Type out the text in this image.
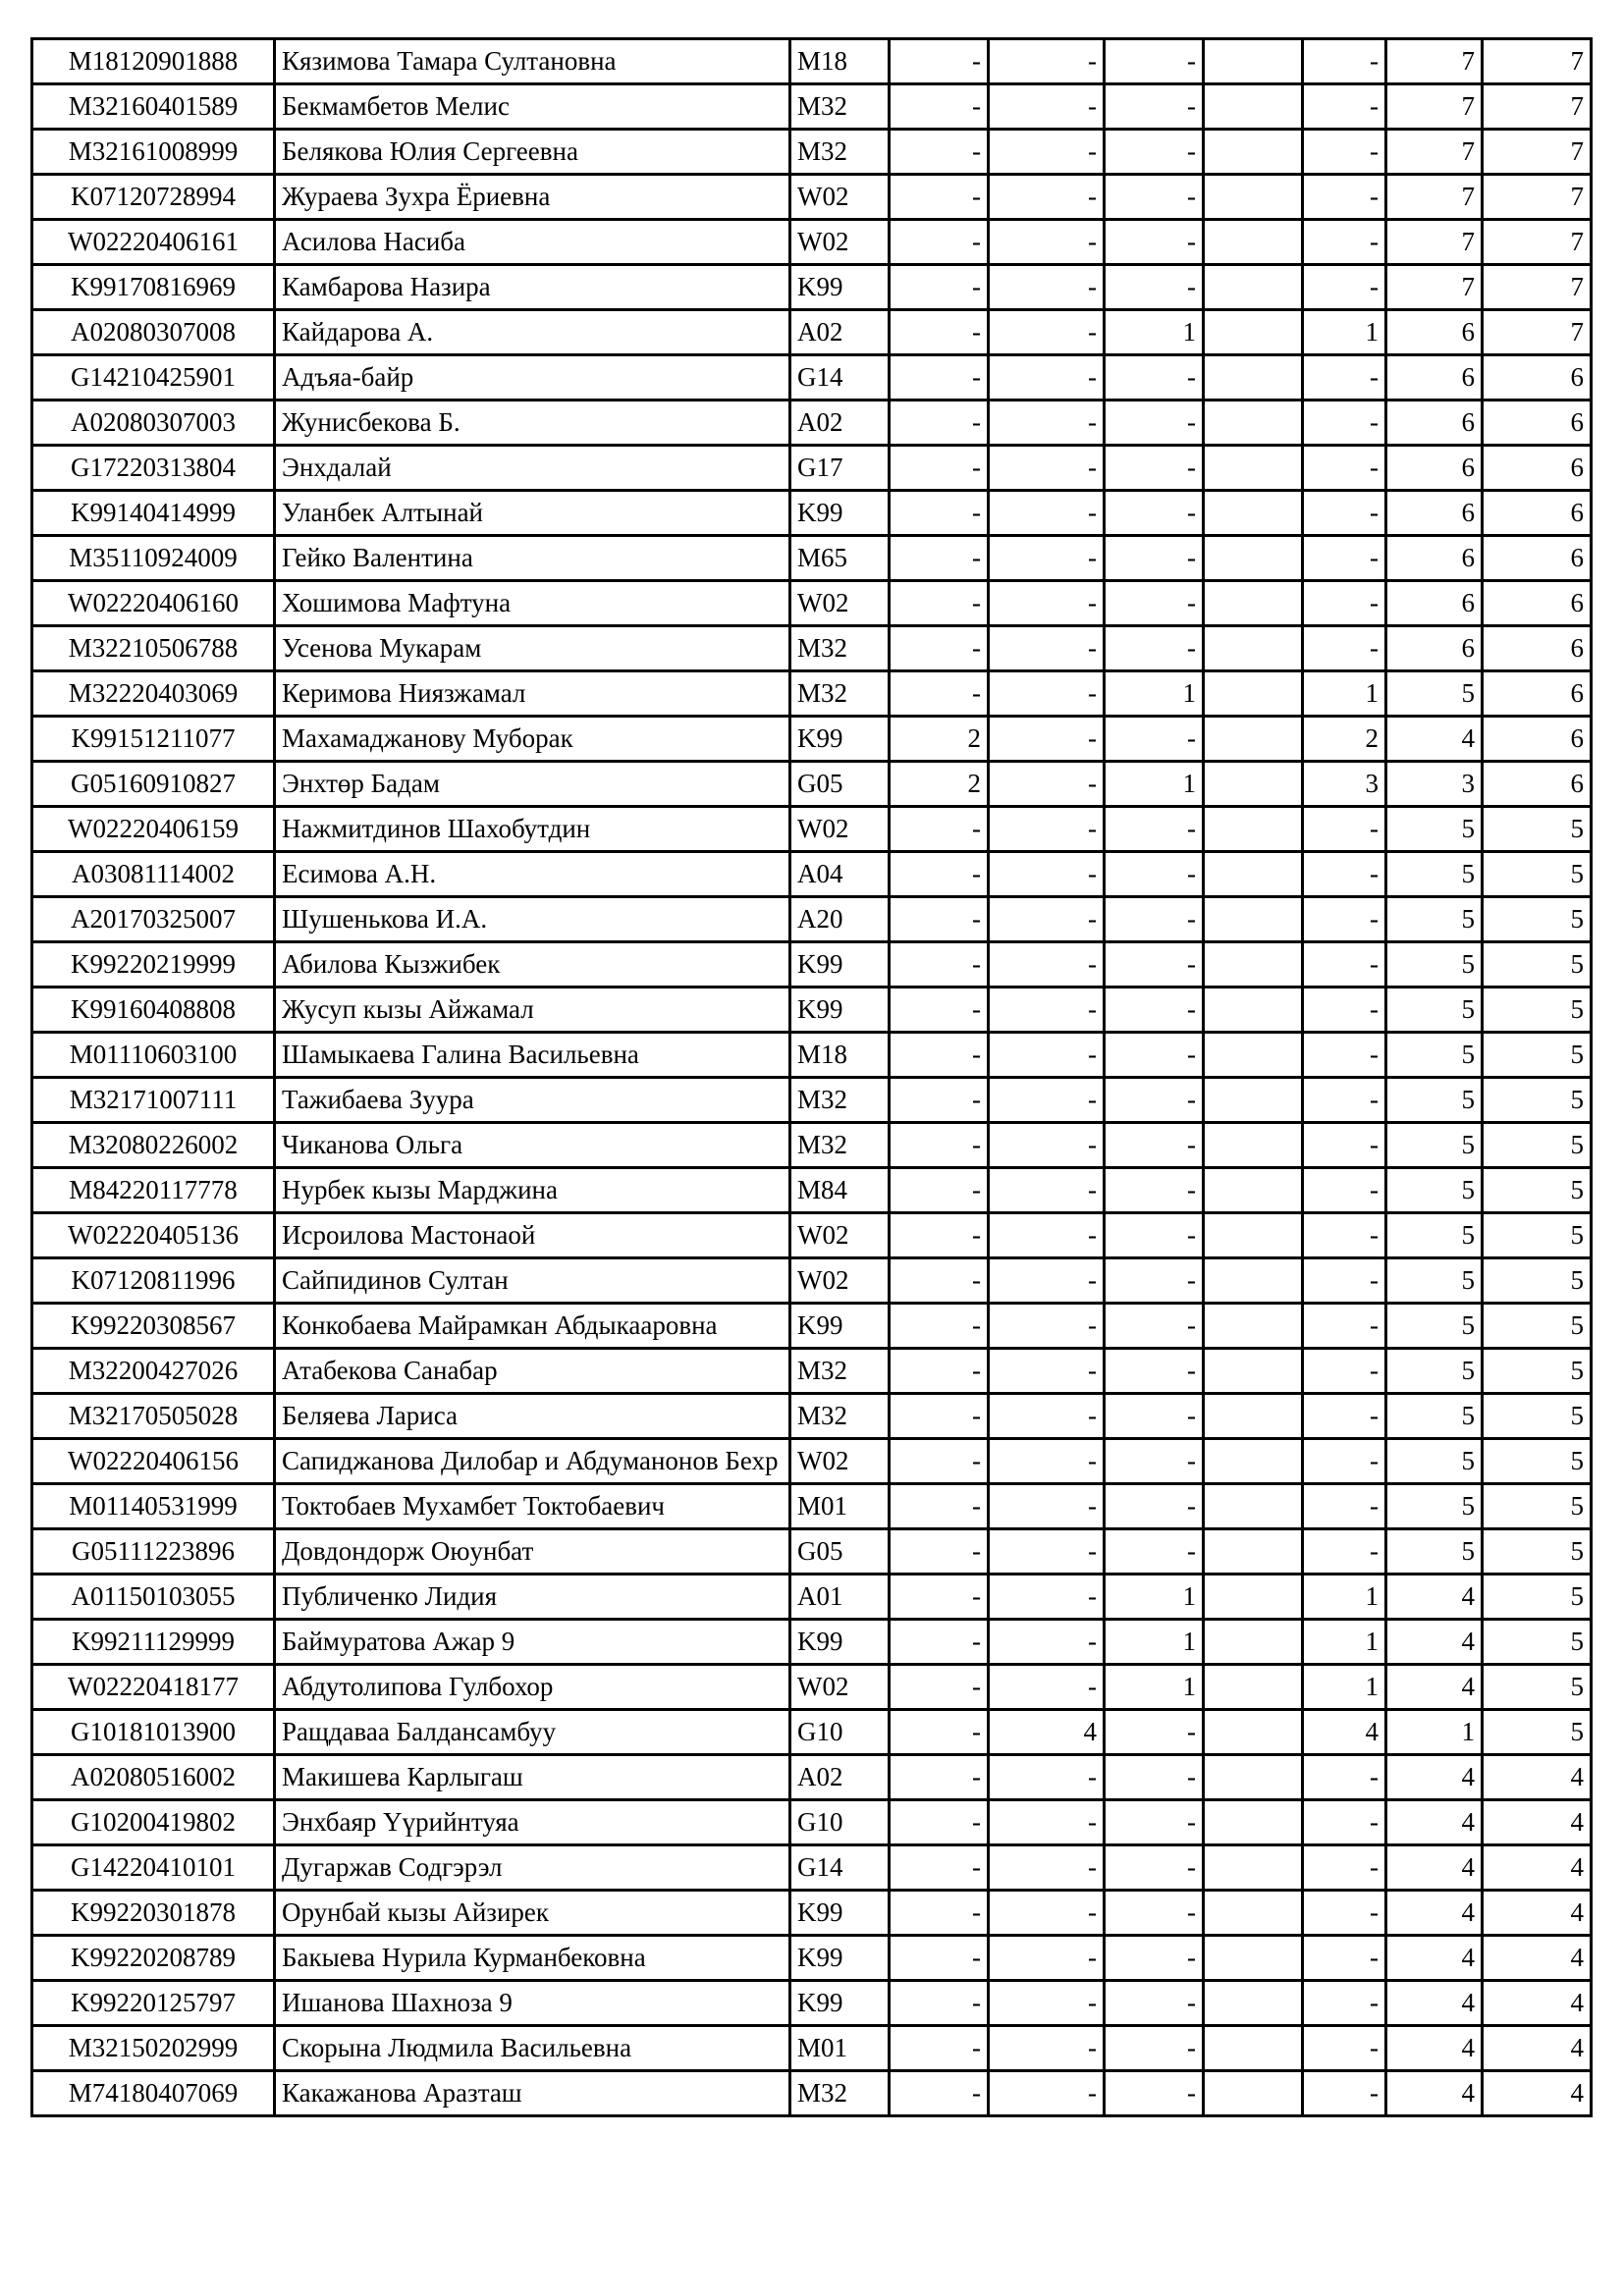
M18120901888	Кязимова Тамара Султановна	M18	-	-	-		-	7	7
M32160401589	Бекмамбетов Мелис	M32	-	-	-		-	7	7
M32161008999	Белякова Юлия Сергеевна	M32	-	-	-		-	7	7
K07120728994	Жураева Зухра Ёриевна	W02	-	-	-		-	7	7
W02220406161	Асилова Насиба	W02	-	-	-		-	7	7
K99170816969	Камбарова Назира	K99	-	-	-		-	7	7
A02080307008	Кайдарова А.	A02	-	-	1		1	6	7
G14210425901	Адъяа-байр	G14	-	-	-		-	6	6
A02080307003	Жунисбекова Б.	A02	-	-	-		-	6	6
G17220313804	Энхдалай	G17	-	-	-		-	6	6
K99140414999	Уланбек Алтынай	K99	-	-	-		-	6	6
M35110924009	Гейко Валентина	M65	-	-	-		-	6	6
W02220406160	Хошимова Мафтуна	W02	-	-	-		-	6	6
M32210506788	Усенова Мукарам	M32	-	-	-		-	6	6
M32220403069	Керимова Ниязжамал	M32	-	-	1		1	5	6
K99151211077	Махамаджанову Муборак	K99	2	-	-		2	4	6
G05160910827	Энхтөр Бадам	G05	2	-	1		3	3	6
W02220406159	Нажмитдинов Шахобутдин	W02	-	-	-		-	5	5
A03081114002	Есимова А.Н.	A04	-	-	-		-	5	5
A20170325007	Шушенькова И.А.	A20	-	-	-		-	5	5
K99220219999	Абилова Кызжибек	K99	-	-	-		-	5	5
K99160408808	Жусуп кызы Айжамал	K99	-	-	-		-	5	5
M01110603100	Шамыкаева Галина Васильевна	M18	-	-	-		-	5	5
M32171007111	Тажибаева Зуура	M32	-	-	-		-	5	5
M32080226002	Чиканова Ольга	M32	-	-	-		-	5	5
M84220117778	Нурбек кызы Марджина	M84	-	-	-		-	5	5
W02220405136	Исроилова Мастонаой	W02	-	-	-		-	5	5
K07120811996	Сайпидинов Султан	W02	-	-	-		-	5	5
K99220308567	Конкобаева Майрамкан Абдыкааровна	K99	-	-	-		-	5	5
M32200427026	Атабекова Санабар	M32	-	-	-		-	5	5
M32170505028	Беляева Лариса	M32	-	-	-		-	5	5
W02220406156	Сапиджанова Дилобар и Абдуманонов Бехр	W02	-	-	-		-	5	5
M01140531999	Токтобаев Мухамбет Токтобаевич	M01	-	-	-		-	5	5
G05111223896	Довдондорж Оюунбат	G05	-	-	-		-	5	5
A01150103055	Публиченко Лидия	A01	-	-	1		1	4	5
K99211129999	Баймуратова Ажар 9	K99	-	-	1		1	4	5
W02220418177	Абдутолипова Гулбохор	W02	-	-	1		1	4	5
G10181013900	Ращдаваа Балдансамбуу	G10	-	4	-		4	1	5
A02080516002	Макишева Карлыгаш	A02	-	-	-		-	4	4
G10200419802	Энхбаяр Үүрийнтуяа	G10	-	-	-		-	4	4
G14220410101	Дугаржав Содгэрэл	G14	-	-	-		-	4	4
K99220301878	Орунбай кызы Айзирек	K99	-	-	-		-	4	4
K99220208789	Бакыева Нурила Курманбековна	K99	-	-	-		-	4	4
K99220125797	Ишанова Шахноза 9	K99	-	-	-		-	4	4
M32150202999	Скорына Людмила Васильевна	M01	-	-	-		-	4	4
M74180407069	Какажанова Аразташ	M32	-	-	-		-	4	4
